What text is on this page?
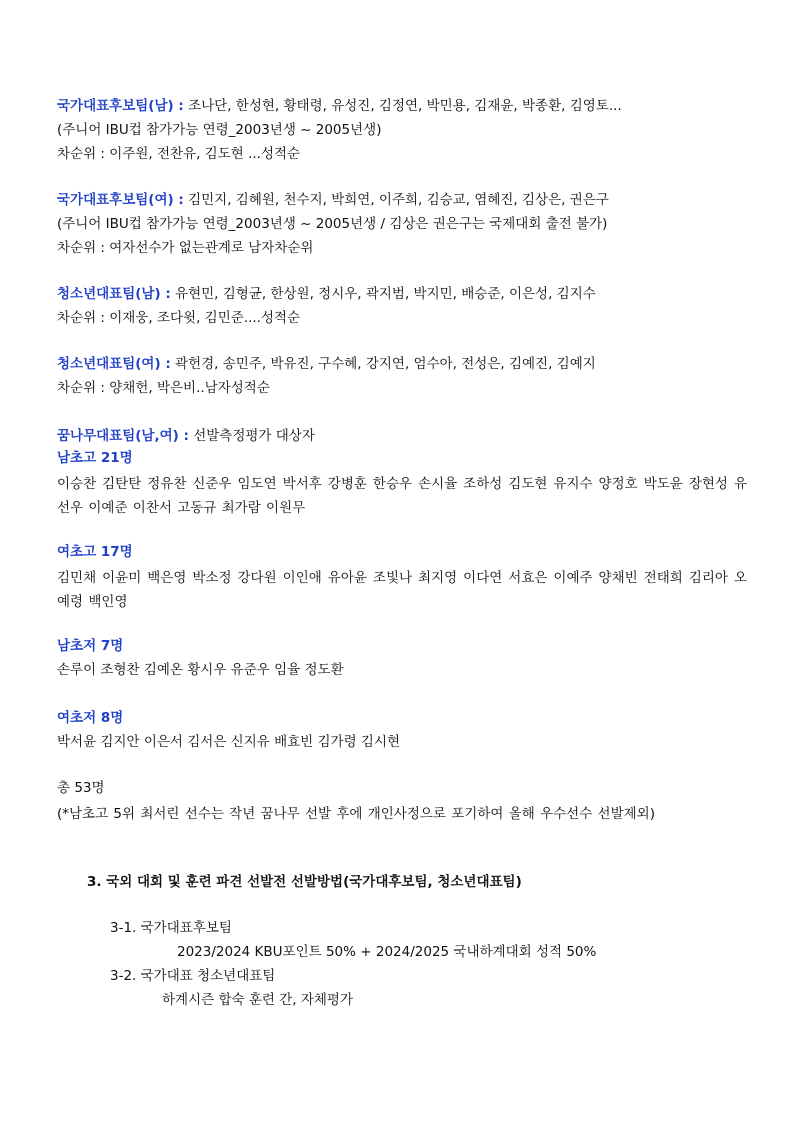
국가대표후보팀(남) : 조나단, 한성현, 황태령, 유성진, 김정연, 박민용, 김재윤, 박종환, 김영토...
(주니어 IBU컵 참가가능 연령_2003년생 ~ 2005년생)
차순위 : 이주원, 전찬유, 김도현 ...성적순
국가대표후보팀(여) : 김민지, 김혜원, 천수지, 박희연, 이주희, 김승교, 염혜진, 김상은, 권은구
(주니어 IBU컵 참가가능 연령_2003년생 ~ 2005년생 / 김상은 권은구는 국제대회 출전 불가)
차순위 : 여자선수가 없는관계로 남자차순위
청소년대표팀(남) : 유현민, 김형균, 한상원, 정시우, 곽지범, 박지민, 배승준, 이은성, 김지수
차순위 : 이재웅, 조다윗, 김민준....성적순
청소년대표팀(여) : 곽헌경, 송민주, 박유진, 구수혜, 강지연, 엄수아, 전성은, 김예진, 김예지
차순위 : 양채헌, 박은비..남자성적순
꿈나무대표팀(남,여) : 선발측정평가 대상자
남초고 21명
이승찬 김탄탄 정유찬 신준우 임도연 박서후 강병훈 한승우 손시율 조하성 김도현 유지수 양정호 박도윤 장현성 유선우 이예준 이찬서 고동규 최가람 이원무
여초고 17명
김민채 이윤미 백은영 박소정 강다원 이인애 유아윤 조빛나 최지영 이다연 서효은 이예주 양채빈 전태희 김리아 오예령 백인영
남초저 7명
손루이 조형찬 김예온 황시우 유준우 임율 정도환
여초저 8명
박서윤 김지안 이은서 김서은 신지유 배효빈 김가령 김시현
총 53명
(*남초고 5위 최서린 선수는 작년 꿈나무 선발 후에 개인사정으로 포기하여 올해 우수선수 선발제외)
3. 국외 대회 및 훈련 파견 선발전 선발방법(국가대후보팀, 청소년대표팀)
3-1. 국가대표후보팀
2023/2024 KBU포인트 50% + 2024/2025 국내하계대회 성적 50%
3-2. 국가대표 청소년대표팀
하계시즌 합숙 훈련 간, 자체평가
